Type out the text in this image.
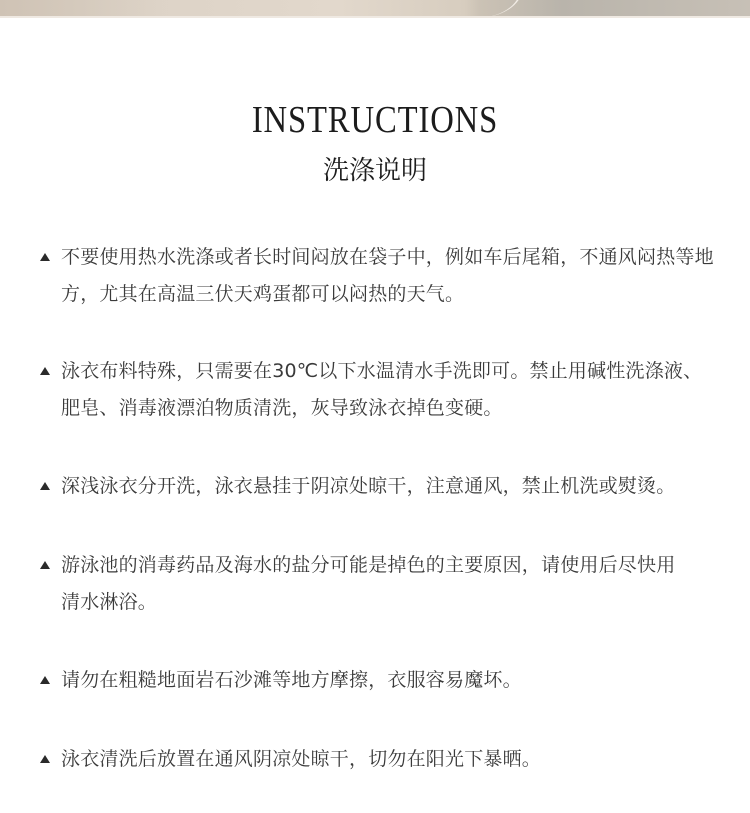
INSTRUCTIONS
洗涤说明
不要使用热水洗涤或者长时间闷放在袋子中，例如车后尾箱，不通风闷热等地方，尤其在高温三伏天鸡蛋都可以闷热的天气。
泳衣布料特殊，只需要在30℃以下水温清水手洗即可。禁止用碱性洗涤液、肥皂、消毒液漂泊物质清洗，灰导致泳衣掉色变硬。
深浅泳衣分开洗，泳衣悬挂于阴凉处晾干，注意通风，禁止机洗或熨烫。
游泳池的消毒药品及海水的盐分可能是掉色的主要原因，请使用后尽快用清水淋浴。
请勿在粗糙地面岩石沙滩等地方摩擦，衣服容易魔坏。
泳衣清洗后放置在通风阴凉处晾干，切勿在阳光下暴晒。
